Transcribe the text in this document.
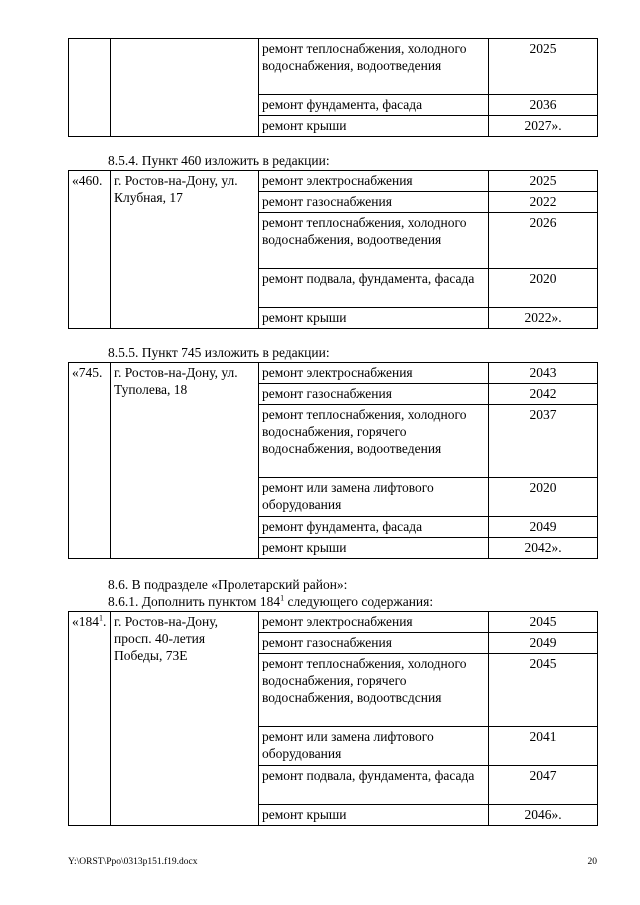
		ремонт теплоснабжения, холодного водоснабжения, водоотведения	2025
		ремонт фундамента, фасада	2036
		ремонт крыши	2027».
8.5.4. Пункт 460 изложить в редакции:
«460.	г. Ростов-на-Дону, ул. Клубная, 17	ремонт электроснабжения	2025
		ремонт газоснабжения	2022
		ремонт теплоснабжения, холодного водоснабжения, водоотведения	2026
		ремонт подвала, фундамента, фасада	2020
		ремонт крыши	2022».
8.5.5. Пункт 745 изложить в редакции:
«745.	г. Ростов-на-Дону, ул. Туполева, 18	ремонт электроснабжения	2043
		ремонт газоснабжения	2042
		ремонт теплоснабжения, холодного водоснабжения, горячего водоснабжения, водоотведения	2037
		ремонт или замена лифтового оборудования	2020
		ремонт фундамента, фасада	2049
		ремонт крыши	2042».
8.6. В подразделе «Пролетарский район»:
8.6.1. Дополнить пунктом $184^1$ следующего содержания:
«$184^1$.	г. Ростов-на-Дону, просп. 40-летия Победы, 73Е	ремонт электроснабжения	2045
		ремонт газоснабжения	2049
		ремонт теплоснабжения, холодного водоснабжения, горячего водоснабжения, водоотвсдсния	2045
		ремонт или замена лифтового оборудования	2041
		ремонт подвала, фундамента, фасада	2047
		ремонт крыши	2046».
Y:\ORST\Ppo\0313p151.f19.docx	20
